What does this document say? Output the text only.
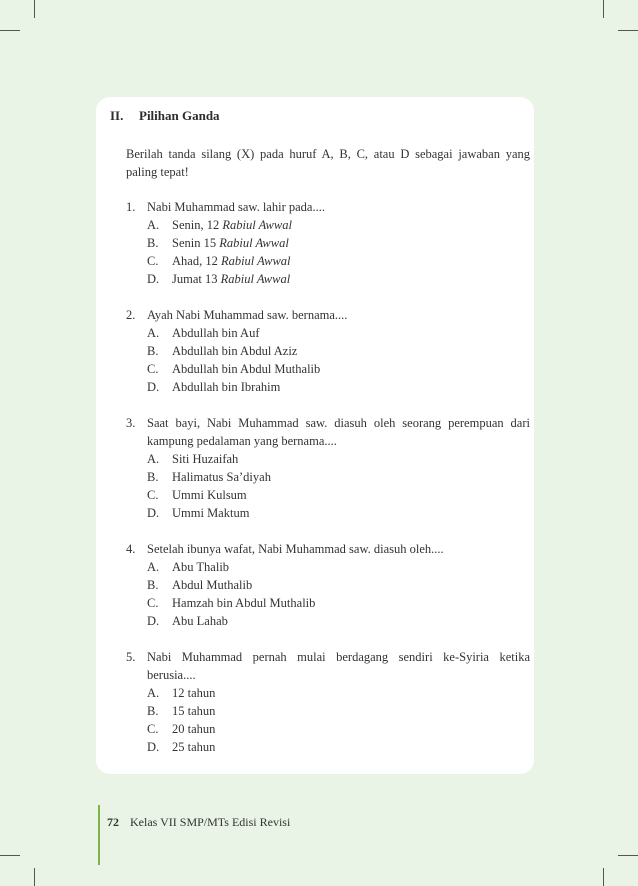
II. Pilihan Ganda
Berilah tanda silang (X) pada huruf A, B, C, atau D sebagai jawaban yang paling tepat!
1. Nabi Muhammad saw. lahir pada....
A. Senin, 12 Rabiul Awwal
B. Senin 15 Rabiul Awwal
C. Ahad, 12 Rabiul Awwal
D. Jumat 13 Rabiul Awwal
2. Ayah Nabi Muhammad saw. bernama....
A. Abdullah bin Auf
B. Abdullah bin Abdul Aziz
C. Abdullah bin Abdul Muthalib
D. Abdullah bin Ibrahim
3. Saat bayi, Nabi Muhammad saw. diasuh oleh seorang perempuan dari kampung pedalaman yang bernama....
A. Siti Huzaifah
B. Halimatus Sa’diyah
C. Ummi Kulsum
D. Ummi Maktum
4. Setelah ibunya wafat, Nabi Muhammad saw. diasuh oleh....
A. Abu Thalib
B. Abdul Muthalib
C. Hamzah bin Abdul Muthalib
D. Abu Lahab
5. Nabi Muhammad pernah mulai berdagang sendiri ke-Syiria ketika berusia....
A. 12 tahun
B. 15 tahun
C. 20 tahun
D. 25 tahun
72 Kelas VII SMP/MTs Edisi Revisi
